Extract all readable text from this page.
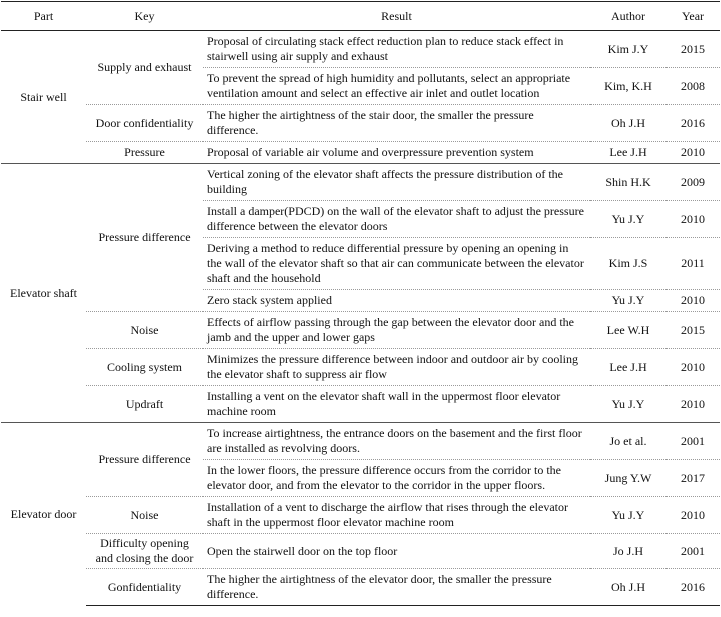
Part	Key	Result	Author	Year
Stair well	Supply and exhaust	Proposal of circulating stack effect reduction plan to reduce stack effect in stairwell using air supply and exhaust	Kim J.Y	2015
		To prevent the spread of high humidity and pollutants, select an appropriate ventilation amount and select an effective air inlet and outlet location	Kim, K.H	2008
	Door confidentiality	The higher the airtightness of the stair door, the smaller the pressure difference.	Oh J.H	2016
	Pressure	Proposal of variable air volume and overpressure prevention system	Lee J.H	2010
Elevator shaft	Pressure difference	Vertical zoning of the elevator shaft affects the pressure distribution of the building	Shin H.K	2009
		Install a damper(PDCD) on the wall of the elevator shaft to adjust the pressure difference between the elevator doors	Yu J.Y	2010
		Deriving a method to reduce differential pressure by opening an opening in the wall of the elevator shaft so that air can communicate between the elevator shaft and the household	Kim J.S	2011
		Zero stack system applied	Yu J.Y	2010
	Noise	Effects of airflow passing through the gap between the elevator door and the jamb and the upper and lower gaps	Lee W.H	2015
	Cooling system	Minimizes the pressure difference between indoor and outdoor air by cooling the elevator shaft to suppress air flow	Lee J.H	2010
	Updraft	Installing a vent on the elevator shaft wall in the uppermost floor elevator machine room	Yu J.Y	2010
Elevator door	Pressure difference	To increase airtightness, the entrance doors on the basement and the first floor are installed as revolving doors.	Jo et al.	2001
		In the lower floors, the pressure difference occurs from the corridor to the elevator door, and from the elevator to the corridor in the upper floors.	Jung Y.W	2017
	Noise	Installation of a vent to discharge the airflow that rises through the elevator shaft in the uppermost floor elevator machine room	Yu J.Y	2010
	Difficulty opening and closing the door	Open the stairwell door on the top floor	Jo J.H	2001
	Gonfidentiality	The higher the airtightness of the elevator door, the smaller the pressure difference.	Oh J.H	2016
